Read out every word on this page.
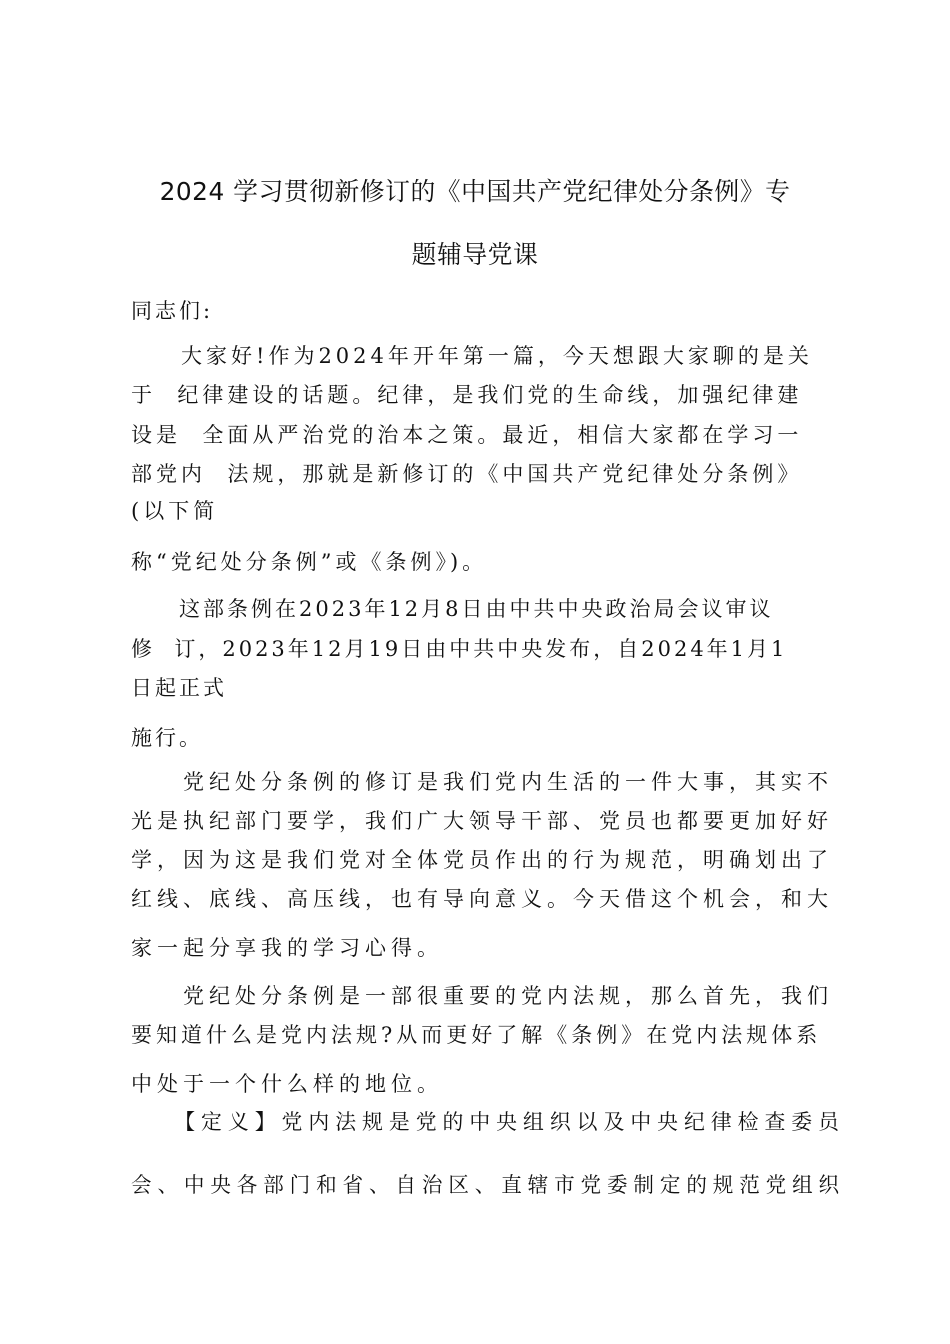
2024 学习贯彻新修订的《中国共产党纪律处分条例》专
题辅导党课
同志们:
　　大家好!作为2024年开年第一篇，今天想跟大家聊的是关
于  纪律建设的话题。纪律，是我们党的生命线，加强纪律建
设是  全面从严治党的治本之策。最近，相信大家都在学习一
部党内  法规，那就是新修订的《中国共产党纪律处分条例》
(以下简
称“党纪处分条例”或《条例》)。
　　这部条例在2023年12月8日由中共中央政治局会议审议
修  订，2023年12月19日由中共中央发布，自2024年1月1
日起正式
施行。
　　党纪处分条例的修订是我们党内生活的一件大事，其实不
光是执纪部门要学，我们广大领导干部、党员也都要更加好好
学，因为这是我们党对全体党员作出的行为规范，明确划出了
红线、底线、高压线，也有导向意义。今天借这个机会，和大
家一起分享我的学习心得。
　　党纪处分条例是一部很重要的党内法规，那么首先，我们
要知道什么是党内法规?从而更好了解《条例》在党内法规体系
中处于一个什么样的地位。
　　【定义】党内法规是党的中央组织以及中央纪律检查委员
会、中央各部门和省、自治区、直辖市党委制定的规范党组织
